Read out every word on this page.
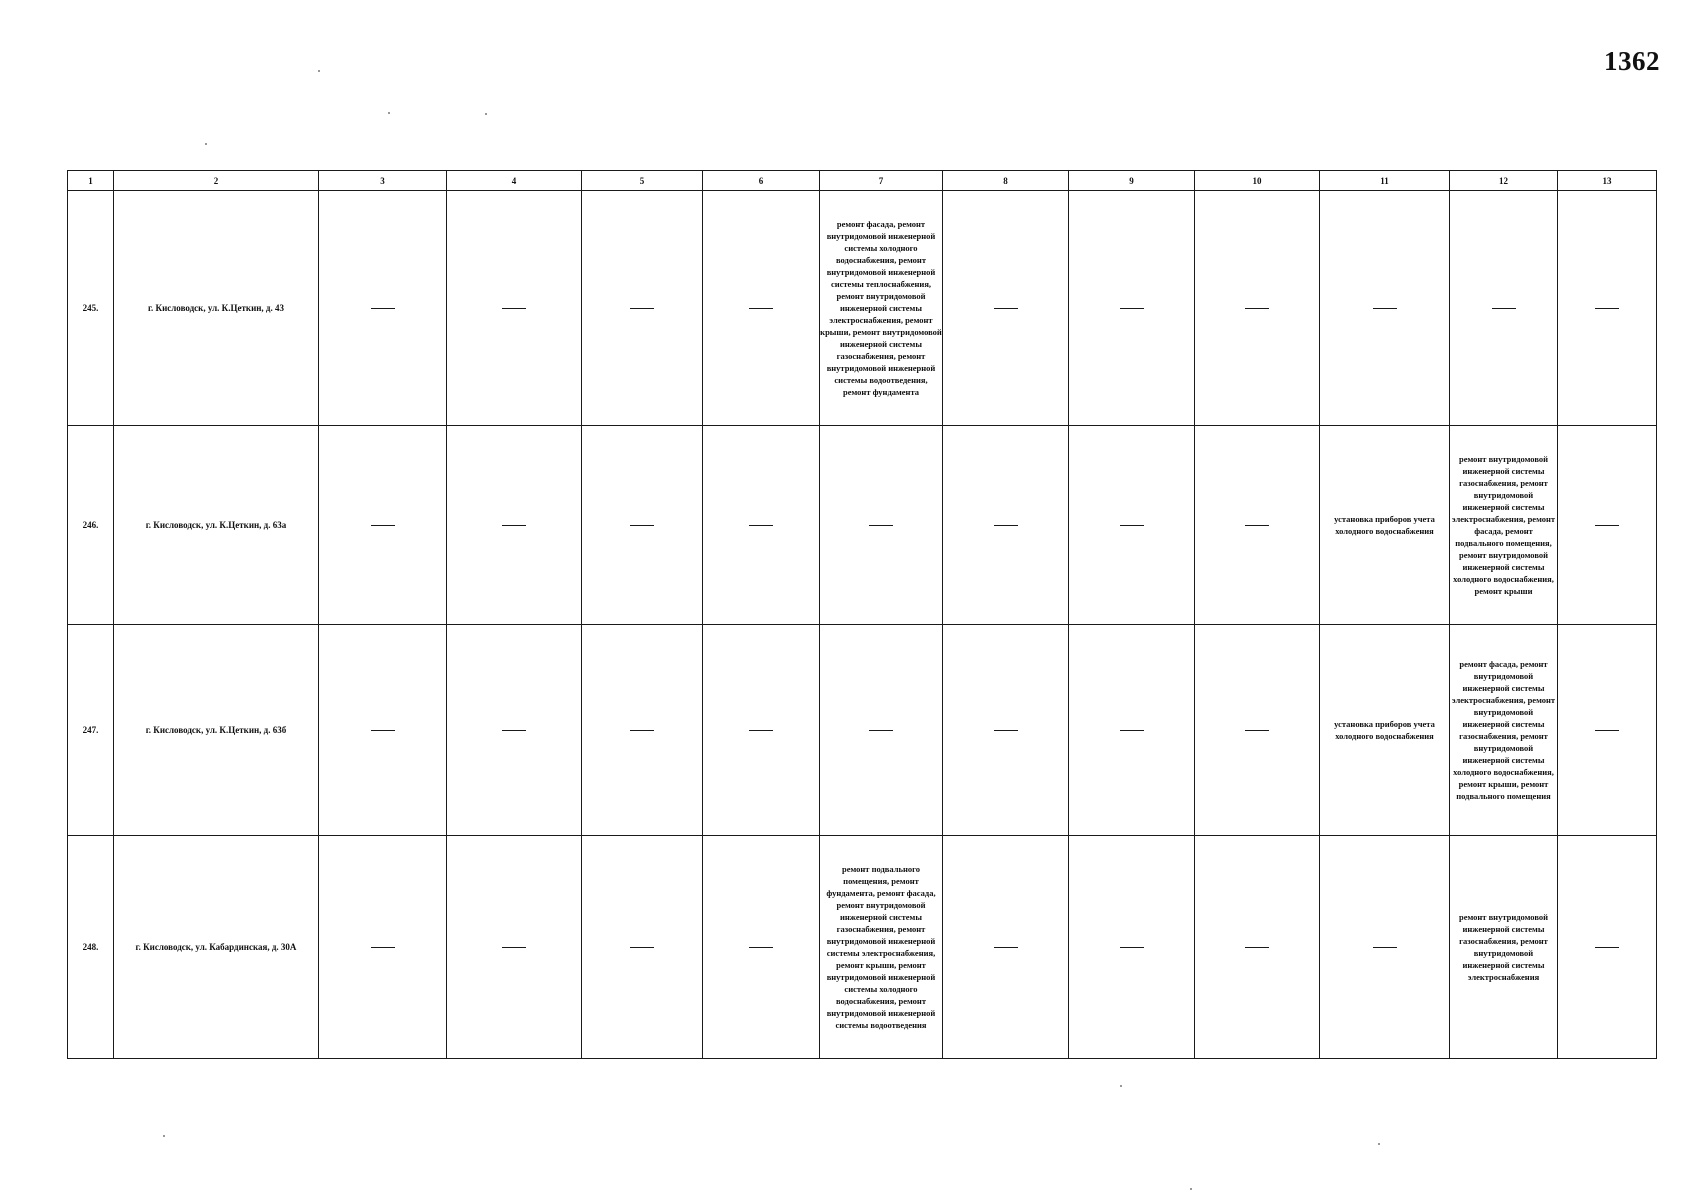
1362
1	2	3	4	5	6	7	8	9	10	11	12	13
245.	г. Кисловодск, ул. К.Цеткин, д. 43					ремонт фасада, ремонт внутридомовой инженерной системы холодного водоснабжения, ремонт внутридомовой инженерной системы теплоснабжения, ремонт внутридомовой инженерной системы электроснабжения, ремонт крыши, ремонт внутридомовой инженерной системы газоснабжения, ремонт внутридомовой инженерной системы водоотведения, ремонт фундамента						
246.	г. Кисловодск, ул. К.Цеткин, д. 63а									установка приборов учета холодного водоснабжения	ремонт внутридомовой инженерной системы газоснабжения, ремонт внутридомовой инженерной системы электроснабжения, ремонт фасада, ремонт подвального помещения, ремонт внутридомовой инженерной системы холодного водоснабжения, ремонт крыши	
247.	г. Кисловодск, ул. К.Цеткин, д. 63б									установка приборов учета холодного водоснабжения	ремонт фасада, ремонт внутридомовой инженерной системы электроснабжения, ремонт внутридомовой инженерной системы газоснабжения, ремонт внутридомовой инженерной системы холодного водоснабжения, ремонт крыши, ремонт подвального помещения	
248.	г. Кисловодск, ул. Кабардинская, д. 30А					ремонт подвального помещения, ремонт фундамента, ремонт фасада, ремонт внутридомовой инженерной системы газоснабжения, ремонт внутридомовой инженерной системы электроснабжения, ремонт крыши, ремонт внутридомовой инженерной системы холодного водоснабжения, ремонт внутридомовой инженерной системы водоотведения					ремонт внутридомовой инженерной системы газоснабжения, ремонт внутридомовой инженерной системы электроснабжения	
